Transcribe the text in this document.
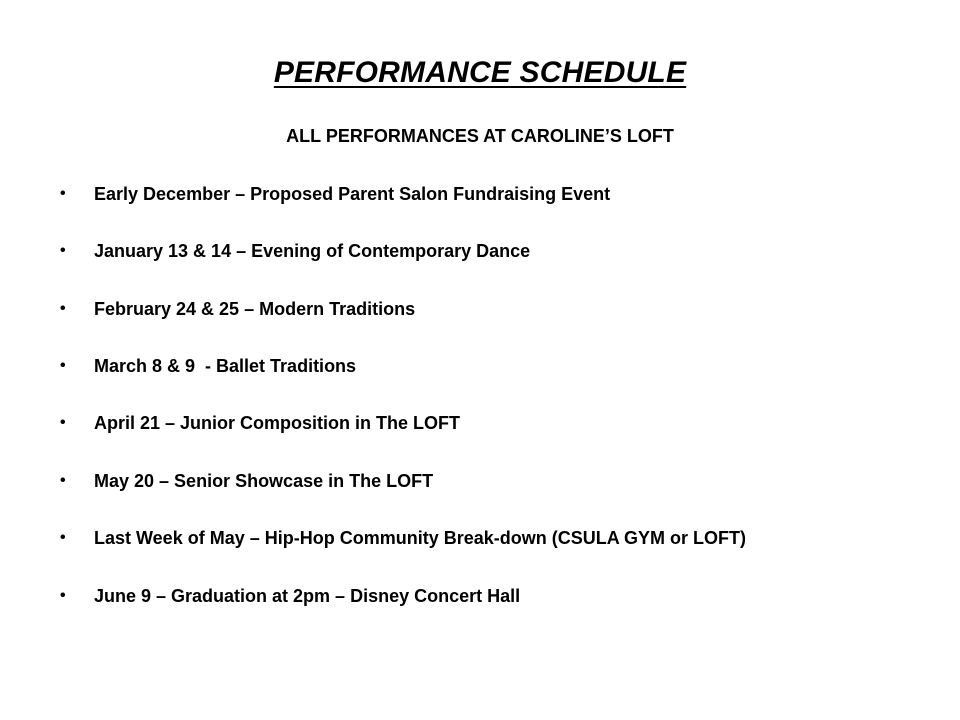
PERFORMANCE SCHEDULE
ALL PERFORMANCES AT CAROLINE’S LOFT
• Early December – Proposed Parent Salon Fundraising Event
• January 13 & 14 – Evening of Contemporary Dance
• February 24 & 25 – Modern Traditions
• March 8 & 9  - Ballet Traditions
• April 21 – Junior Composition in The LOFT
• May 20 – Senior Showcase in The LOFT
• Last Week of May – Hip-Hop Community Break-down (CSULA GYM or LOFT)
• June 9 – Graduation at 2pm – Disney Concert Hall
